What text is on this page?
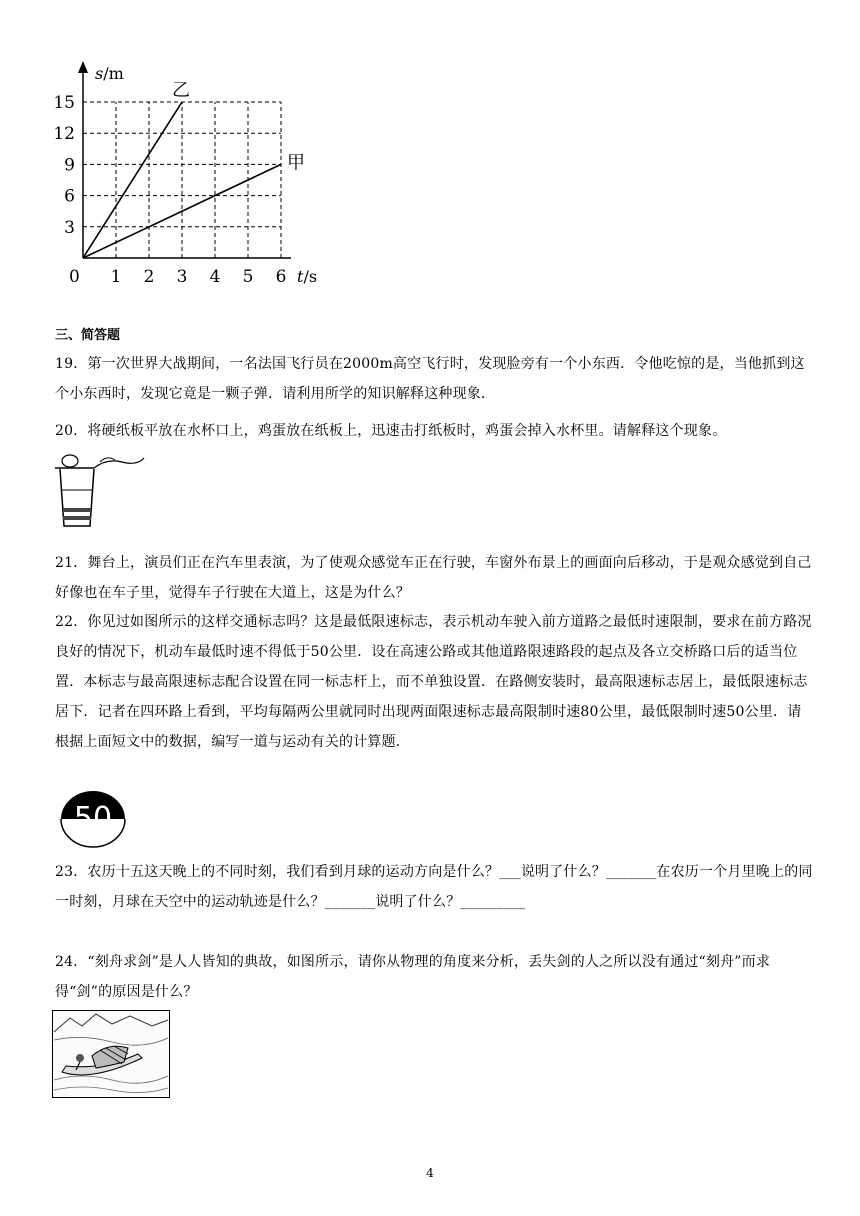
1 2 3 4 5 6
3
6
9
12
15
乙
甲
s/m
t/s
0
三、简答题
19．第一次世界大战期间，一名法国飞行员在2000m高空飞行时，发现脸旁有一个小东西．令他吃惊的是，当他抓到这个小东西时，发现它竟是一颗子弹．请利用所学的知识解释这种现象．
20．将硬纸板平放在水杯口上，鸡蛋放在纸板上，迅速击打纸板时，鸡蛋会掉入水杯里。请解释这个现象。
21．舞台上，演员们正在汽车里表演，为了使观众感觉车正在行驶，车窗外布景上的画面向后移动，于是观众感觉到自己好像也在车子里，觉得车子行驶在大道上，这是为什么？
22．你见过如图所示的这样交通标志吗？这是最低限速标志，表示机动车驶入前方道路之最低时速限制，要求在前方路况良好的情况下，机动车最低时速不得低于50公里．设在高速公路或其他道路限速路段的起点及各立交桥路口后的适当位置．本标志与最高限速标志配合设置在同一标志杆上，而不单独设置．在路侧安装时，最高限速标志居上，最低限速标志居下．记者在四环路上看到，平均每隔两公里就同时出现两面限速标志最高限制时速80公里，最低限制时速50公里．请根据上面短文中的数据，编写一道与运动有关的计算题．
50
23．农历十五这天晚上的不同时刻，我们看到月球的运动方向是什么？___说明了什么？_______在农历一个月里晚上的同一时刻，月球在天空中的运动轨迹是什么？_______说明了什么？_________
24．“刻舟求剑”是人人皆知的典故，如图所示，请你从物理的角度来分析，丢失剑的人之所以没有通过“刻舟”而求得“剑”的原因是什么？
4
